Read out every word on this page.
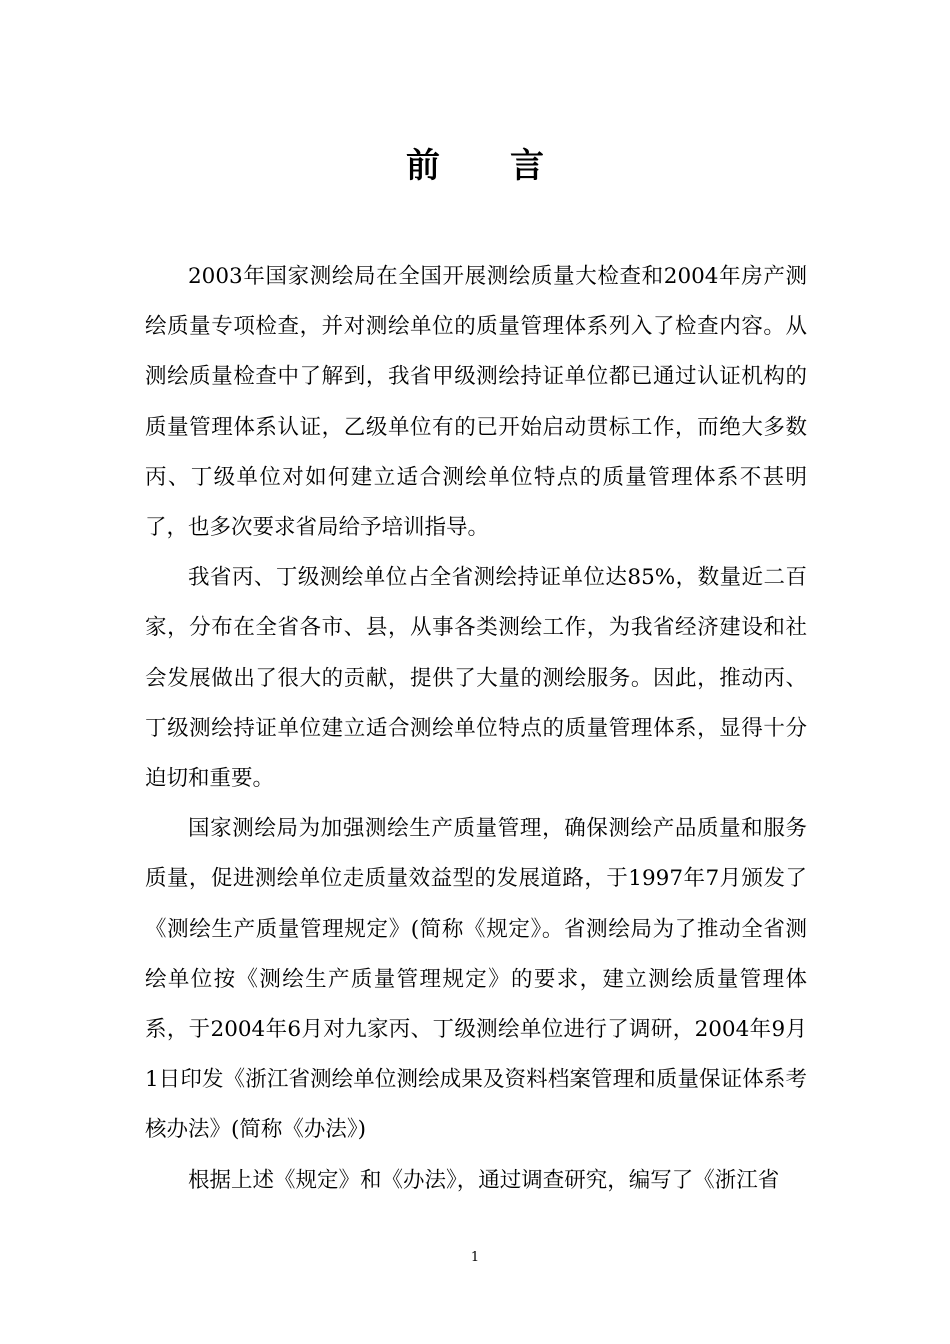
前言

2003年国家测绘局在全国开展测绘质量大检查和2004年房产测绘质量专项检查，并对测绘单位的质量管理体系列入了检查内容。从测绘质量检查中了解到，我省甲级测绘持证单位都已通过认证机构的质量管理体系认证，乙级单位有的已开始启动贯标工作，而绝大多数丙、丁级单位对如何建立适合测绘单位特点的质量管理体系不甚明了，也多次要求省局给予培训指导。

我省丙、丁级测绘单位占全省测绘持证单位达85%，数量近二百家，分布在全省各市、县，从事各类测绘工作，为我省经济建设和社会发展做出了很大的贡献，提供了大量的测绘服务。因此，推动丙、丁级测绘持证单位建立适合测绘单位特点的质量管理体系，显得十分迫切和重要。

国家测绘局为加强测绘生产质量管理，确保测绘产品质量和服务质量，促进测绘单位走质量效益型的发展道路，于1997年7月颁发了《测绘生产质量管理规定》(简称《规定》。省测绘局为了推动全省测绘单位按《测绘生产质量管理规定》的要求，建立测绘质量管理体系，于2004年6月对九家丙、丁级测绘单位进行了调研，2004年9月1日印发《浙江省测绘单位测绘成果及资料档案管理和质量保证体系考核办法》(简称《办法》)

根据上述《规定》和《办法》，通过调查研究，编写了《浙江省

1
